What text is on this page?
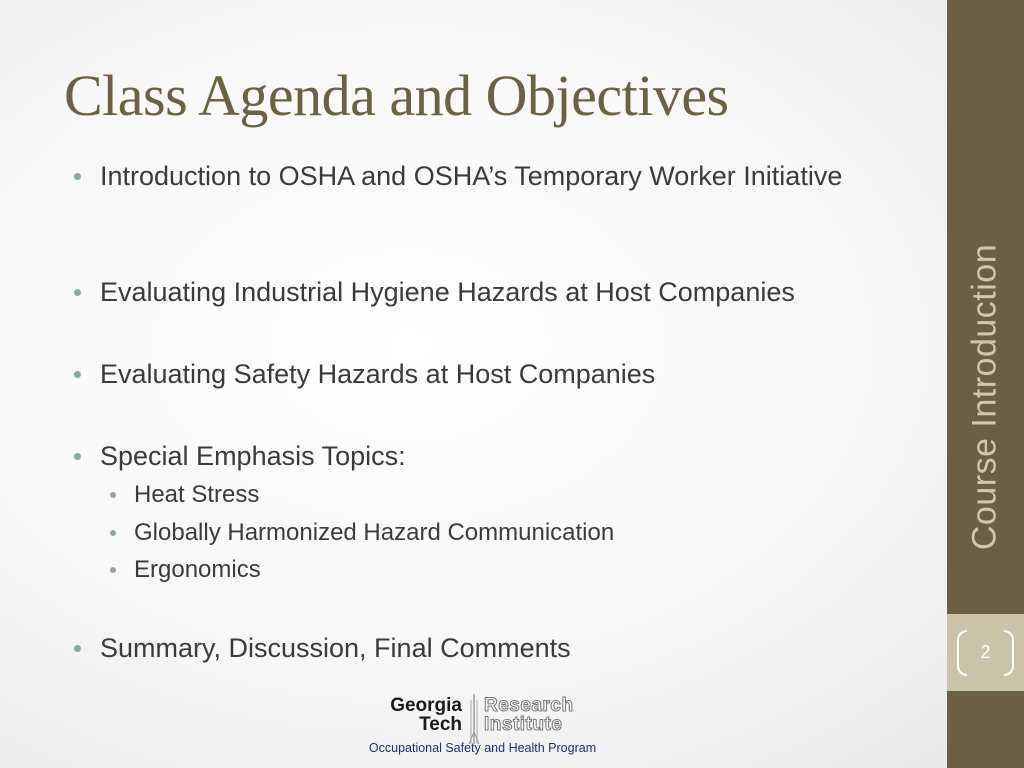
Class Agenda and Objectives
Introduction to OSHA and OSHA’s Temporary Worker Initiative
Evaluating Industrial Hygiene Hazards at Host Companies
Evaluating Safety Hazards at Host Companies
Special Emphasis Topics:
Heat Stress
Globally Harmonized Hazard Communication
Ergonomics
Summary, Discussion, Final Comments
Course Introduction
2
Georgia
Tech
Research
Institute
Occupational Safety and Health Program
